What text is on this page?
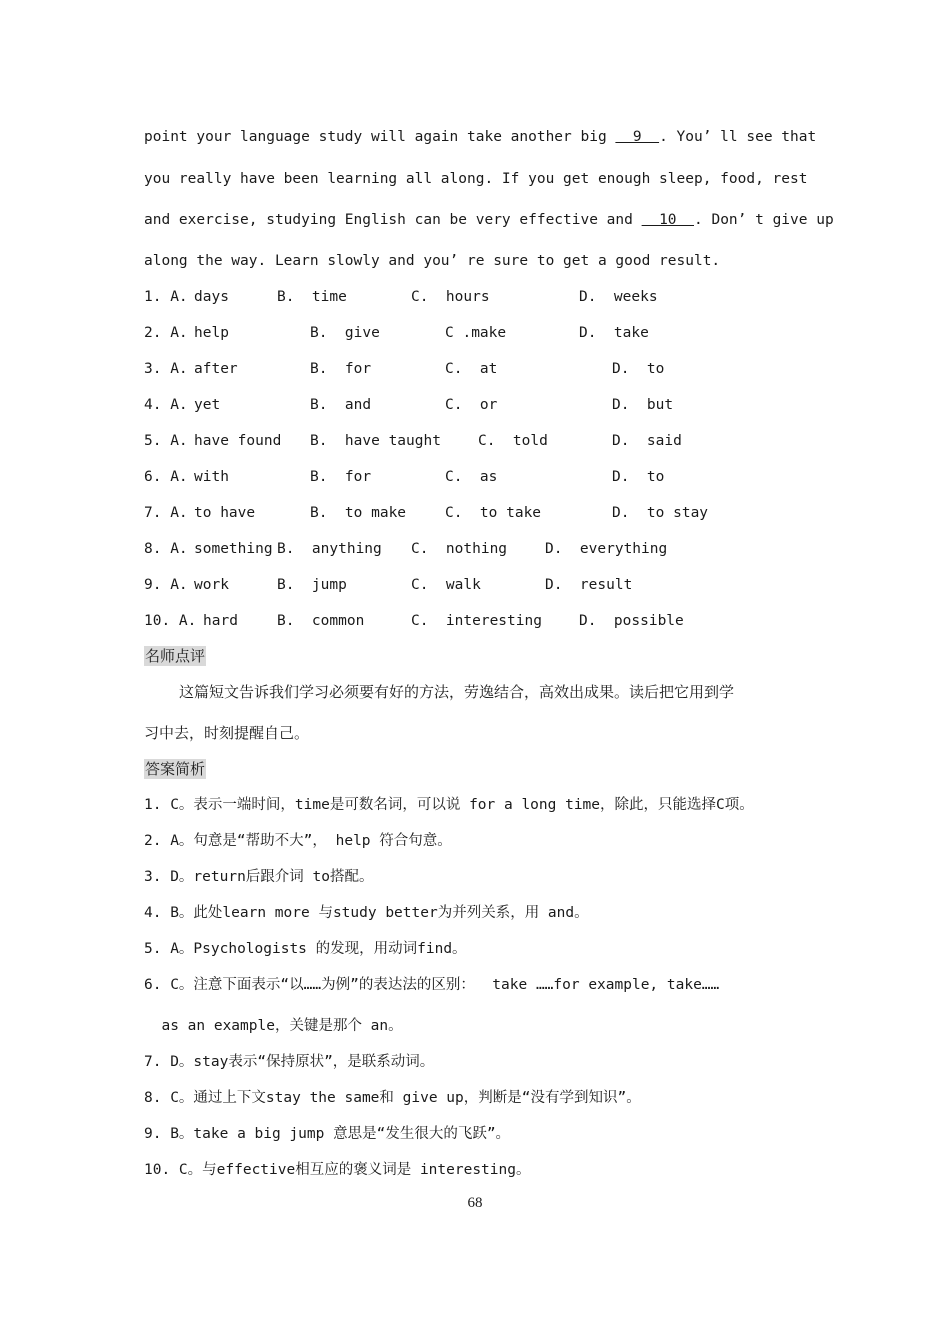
point your language study will again take another big 9 . You’ ll see that
you really have been learning all along. If you get enough sleep, food, rest
and exercise, studying English can be very effective and 10 . Don’ t give up
along the way. Learn slowly and you’ re sure to get a good result.
1. A. days	B.  time	C.  hours	D.  weeks
2. A. help	B.  give	C .make	D.  take
3. A. after	B.  for	C.  at	D.  to
4. A. yet	B.  and	C.  or	D.  but
5. A. have found B.  have taught	C.  told	D.  said
6. A. with	B.  for	C.  as	D.  to
7. A. to have	B.  to make	C.  to take	D.  to stay
8. A. something B.  anything C.  nothing	D.  everything
9. A. work	B.  jump	C.  walk	D.  result
10. A. hard	B.  common	C.  interesting	D.  possible
名师点评
这篇短文告诉我们学习必须要有好的方法，劳逸结合，高效出成果。读后把它用到学
习中去，时刻提醒自己。
答案简析
1. C。表示一端时间，time是可数名词，可以说 for a long time，除此，只能选择C项。
2. A。句意是“帮助不大”， help 符合句意。
3. D。return后跟介词 to搭配。
4. B。此处learn more 与study better为并列关系，用 and。
5. A。Psychologists 的发现，用动词find。
6. C。注意下面表示“以……为例”的表达法的区别：  take ……for example, take……
as an example，关键是那个 an。
7. D。stay表示“保持原状”，是联系动词。
8. C。通过上下文stay the same和 give up，判断是“没有学到知识”。
9. B。take a big jump 意思是“发生很大的飞跃”。
10. C。与effective相互应的褒义词是 interesting。
68
